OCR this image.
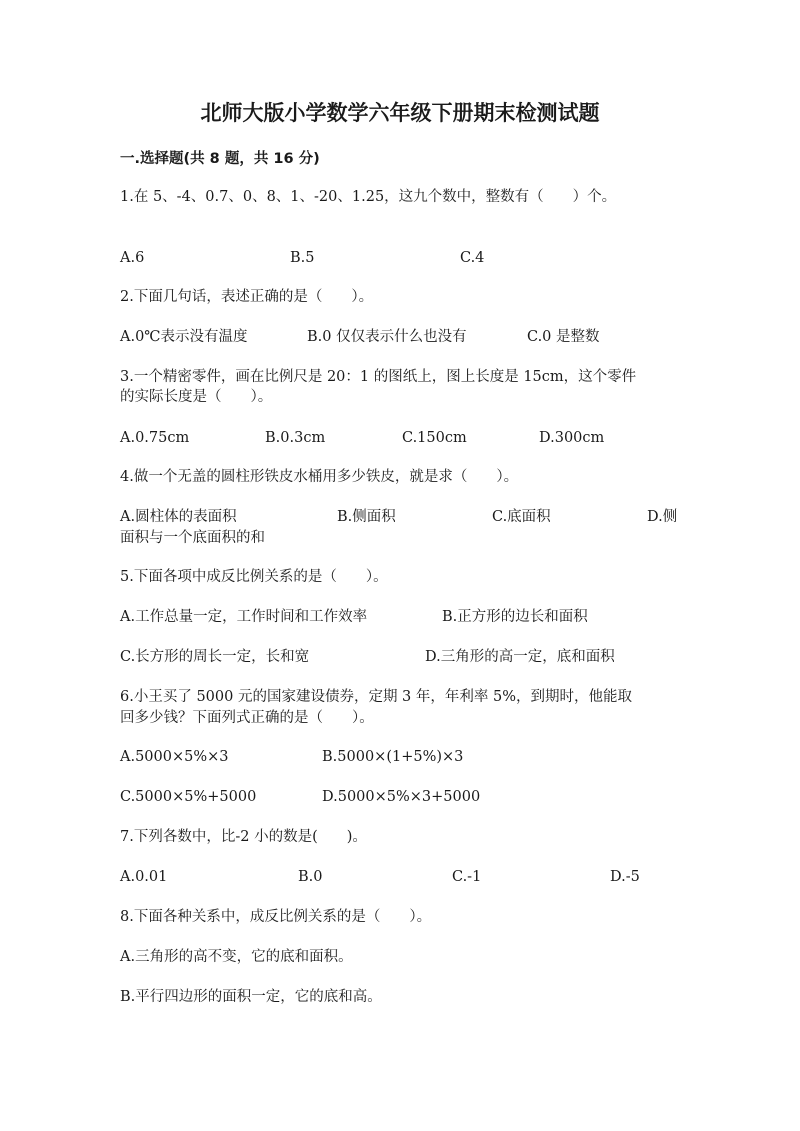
北师大版小学数学六年级下册期末检测试题
一.选择题(共 8 题，共 16 分)
1.在 5、-4、0.7、0、8、1、-20、1.25，这九个数中，整数有（　　）个。
A.6	B.5	C.4
2.下面几句话，表述正确的是（　　）。
A.0℃表示没有温度	B.0 仅仅表示什么也没有	C.0 是整数
3.一个精密零件，画在比例尺是 20：1 的图纸上，图上长度是 15cm，这个零件
的实际长度是（　　）。
A.0.75cm	B.0.3cm	C.150cm	D.300cm
4.做一个无盖的圆柱形铁皮水桶用多少铁皮，就是求（　　）。
A.圆柱体的表面积	B.侧面积	C.底面积	D.侧
面积与一个底面积的和
5.下面各项中成反比例关系的是（　　）。
A.工作总量一定，工作时间和工作效率	B.正方形的边长和面积
C.长方形的周长一定，长和宽	D.三角形的高一定，底和面积
6.小王买了 5000 元的国家建设债券，定期 3 年，年利率 5%，到期时，他能取
回多少钱？下面列式正确的是（　　）。
A.5000×5%×3	B.5000×(1+5%)×3
C.5000×5%+5000	D.5000×5%×3+5000
7.下列各数中，比-2 小的数是(　　)。
A.0.01	B.0	C.-1	D.-5
8.下面各种关系中，成反比例关系的是（　　）。
A.三角形的高不变，它的底和面积。
B.平行四边形的面积一定，它的底和高。
